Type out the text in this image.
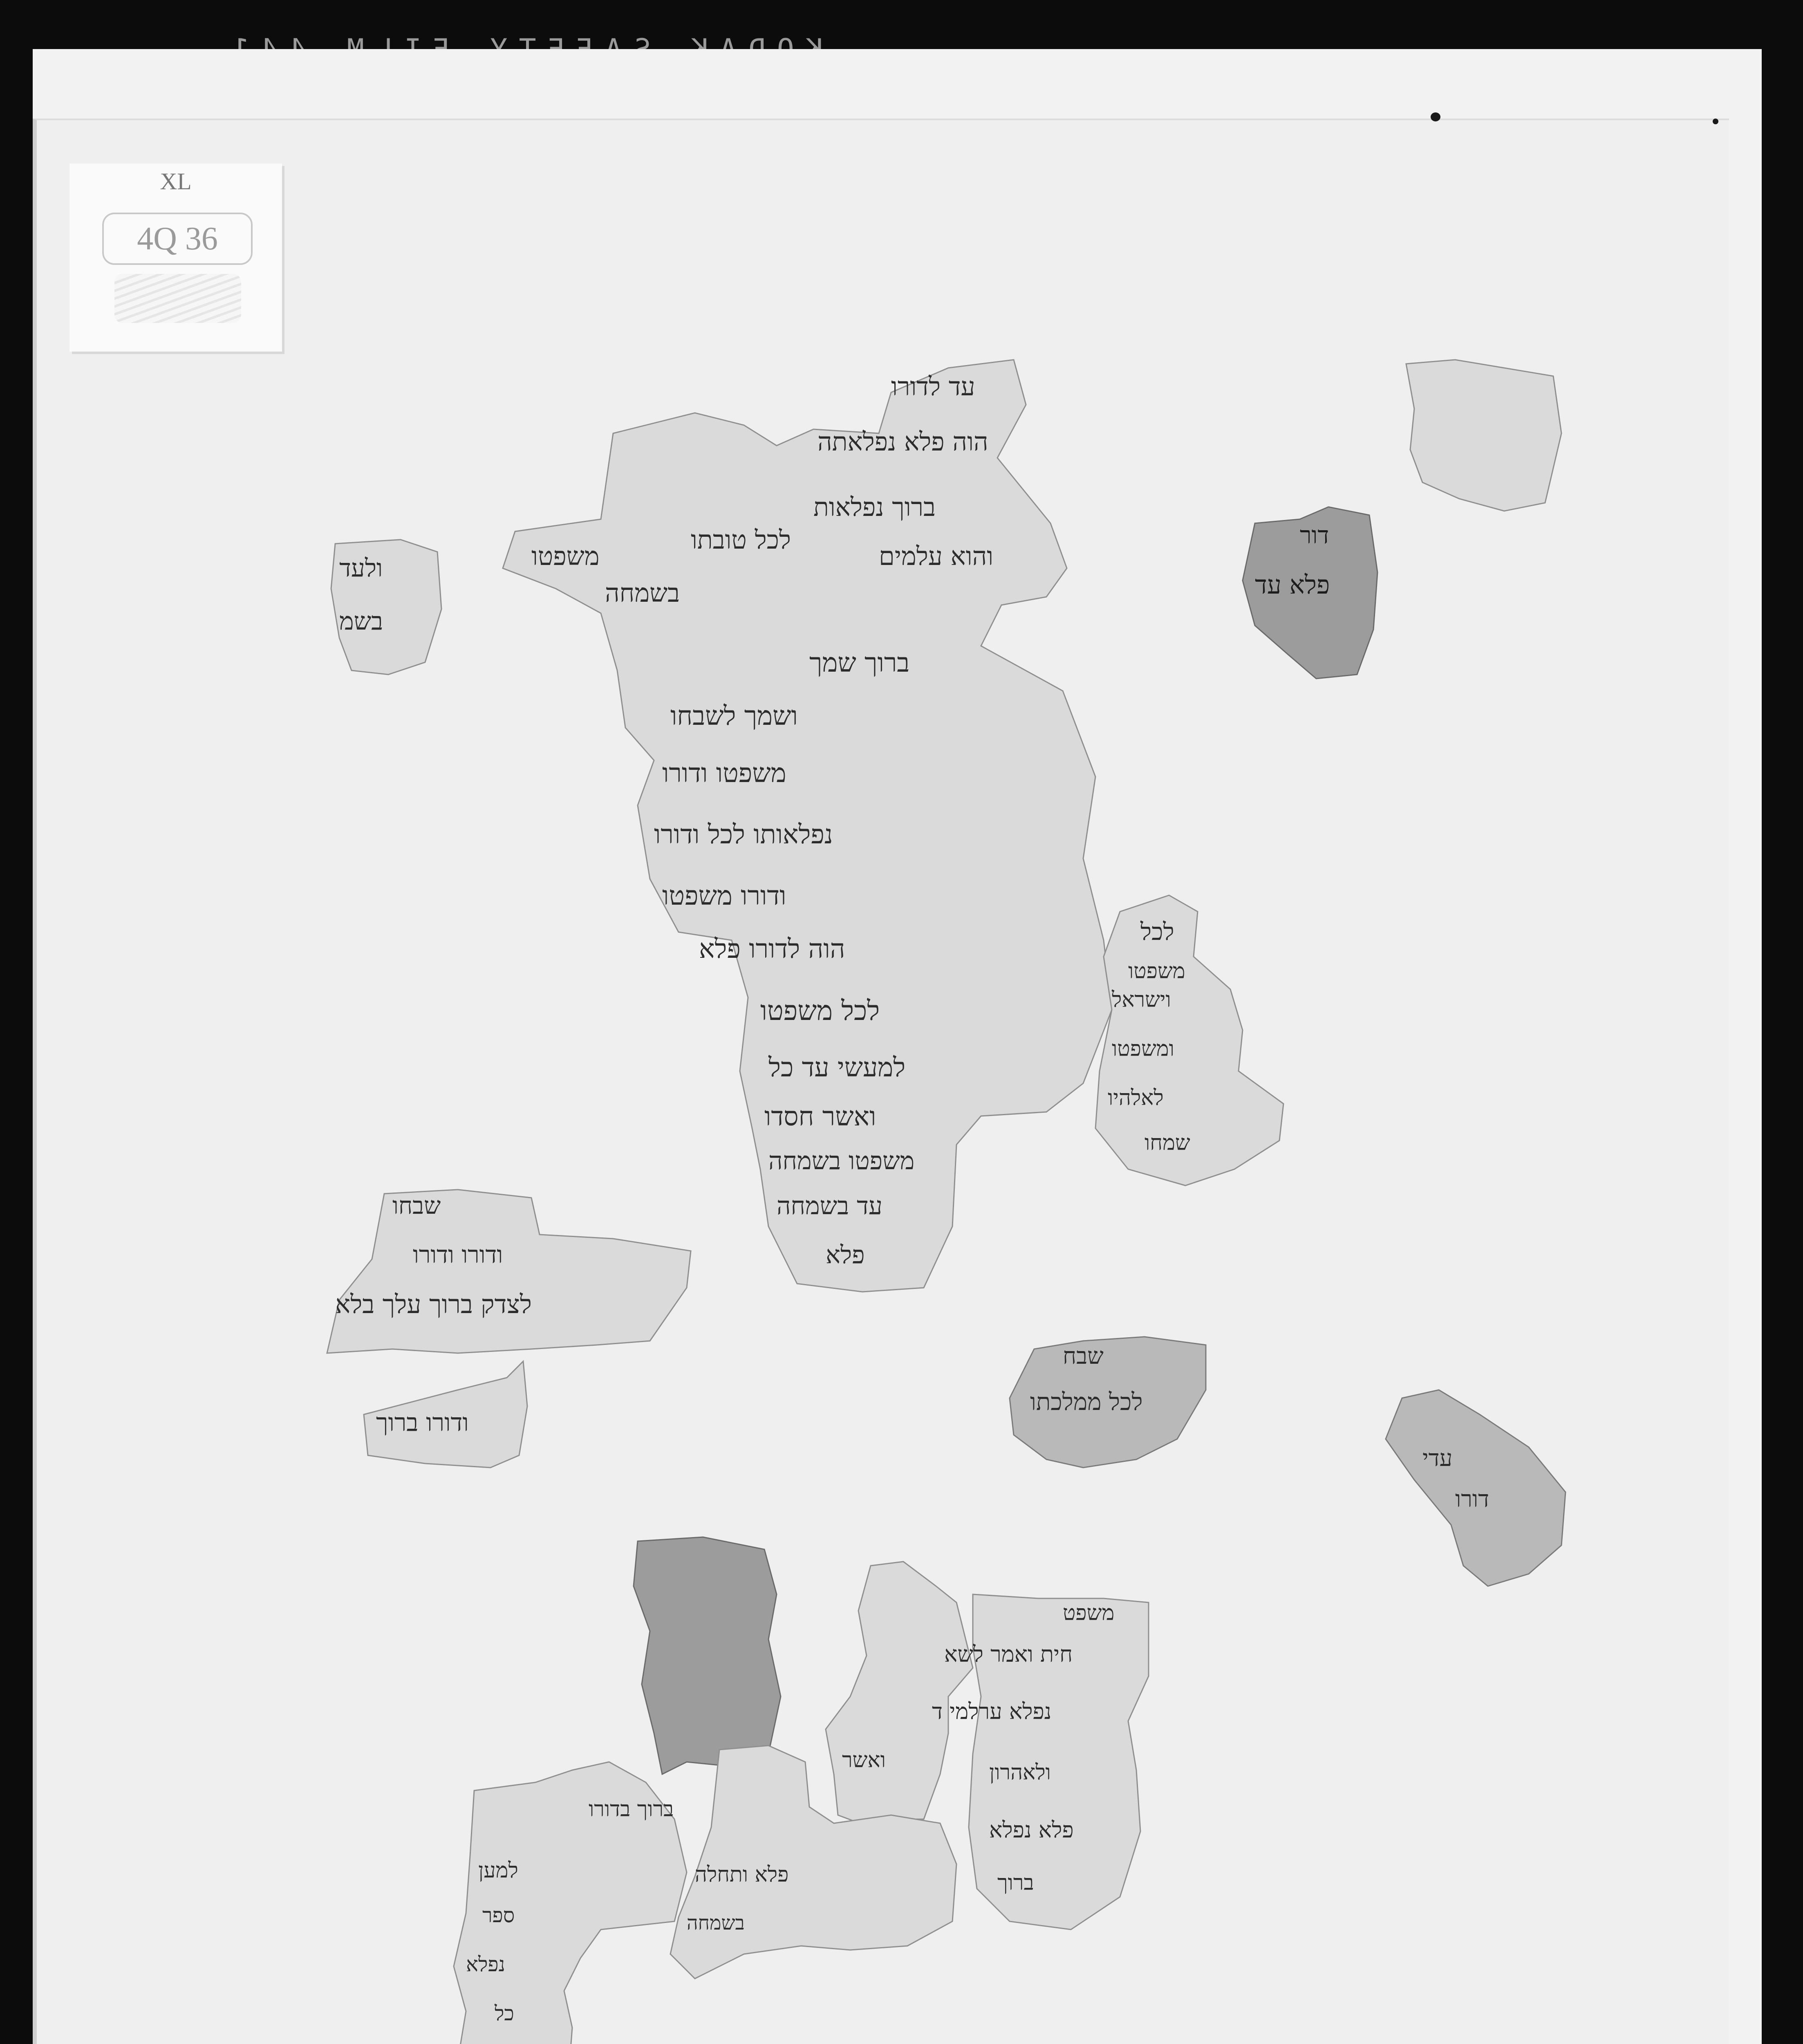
XL
4Q 36
עד לדורו
הוה פלא נפלאתה
ברוך נפלאות
לכל טובתו
והוא עלמים
משפטו
בשמחה
ברוך שמך
ושמך לשבחו
משפטו ודורו
נפלאותו לכל ודורו
ודורו משפטו
הוה לדורו פלא
לכל משפטו
למעשי עד כל
ואשר חסדו
משפטו בשמחה
עד בשמחה
פלא
לכל
משפטו
וישראל
ומשפטו
לאלהיו
שמחו
ולעד
בשמ
דור
פלא עד
שבחו
ודורו ודורו
לצדק ברוך עלך בלא
ודורו ברוך
שבח
לכל ממלכתו
עדי
דורו
משפט
חית ואמר לשא
נפלא ערלמי ד
ואשר	ולאהרון
פלא נפלא
ברוך
ברוך בדורו
למען	פלא ותחלה
ספר	בשמחה
נפלא
כל
